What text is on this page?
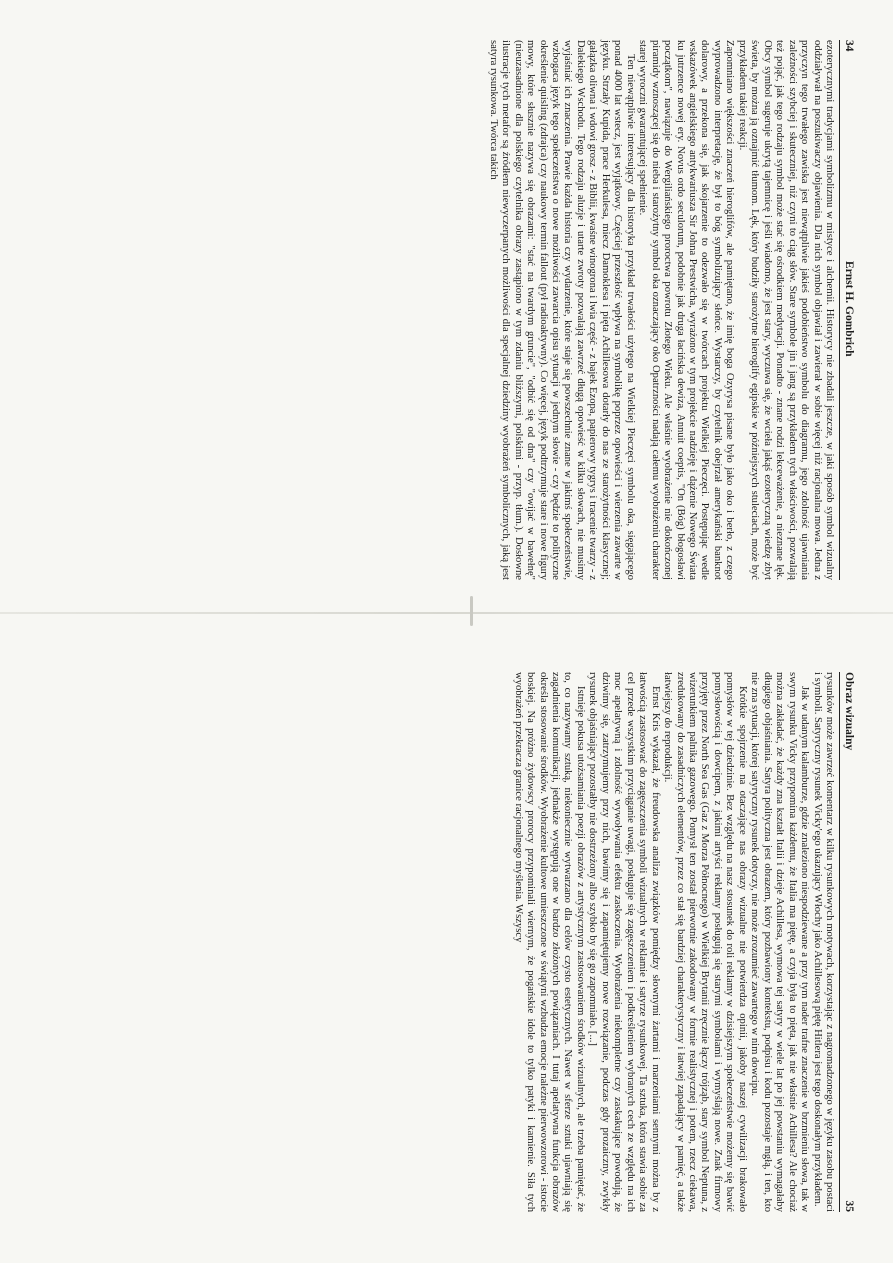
34
Ernst H. Gombrich

ezoterycznymi tradycjami symbolizmu w mistyce i alchemii. Historycy nie zbadali jeszcze, w jaki sposób symbol wizualny oddziaływał na poszukiwaczy objawienia. Dla nich symbol objawiał i zawierał w sobie więcej niż racjonalna mowa. Jedna z przyczyn tego trwałego zawiska jest niewątpliwie jakieś podobieństwo symbolu do diagramu, jego zdolność ujawniania zależności szybciej i skuteczniej, niż czyni to ciąg słów. Stare symbole jin i jang są przykładem tych właściwości, pozwalają też pojąć, jak tego rodzaju symbol może stać się ośrodkiem medytacji. Ponadto - znane rodzi lekceważenie, a nieznane lęk. Obcy symbol sugeruje ukrytą tajemnicę i jeśli wiadomo, że jest stary, wyczuwa się, że wcieła jakąś ezoteryczną wiedzę zbyt świeta, by można ją oznajmić tłumom. Lęk, który budziły starożytne hieroglify egipskie w późniejszych stuleciach, może być przykładem takiej reakcji.

Zapomniano większości znaczeń hieroglifów, ale pamiętano, że imię boga Ozyrysa pisane było jako oko i berło, z czego wyprowadzono interpretację, że był to bóg symbolizujący słońce. Wystarczy, by czytelnik obejrzał amerykański banknot dolarowy, a przekona się, jak skojarzenie to odezwało się w twórcach projektu Wielkiej Pieczęci. Postępując wedle wskazówek angielskiego antykwariusza Sir Johna Prestwicha, wyrażono w tym projekcie nadzieję i dążenie Nowego Świata ku jutrzence nowej ery. Novus ordo seculorum, podobnie jak druga łacińska dewiza, Annuit coeptis, "On (Bóg) błogosławi początkom", nawiązuje do Wergiliańskiego proroctwa powrotu Złotego Wieku. Ale właśnie wyobrażenie nie dokończonej piramidy wznoszącej się do nieba i starożytny symbol oka oznaczający oko Opatrzności nadają całemu wyobrażeniu charakter starej wyroczni gwarantującej spełnienie.

Ten niewątpliwie interesujący dla historyka przykład trwałości użytego na Wielkiej Pieczęci symbolu oka, sięgającego ponad 4000 lat wstecz, jest wyjątkowy. Częściej przeszłość wpływa na symbolikę poprzez opowieści i wierzenia zawarte w języku. Strzały Kupida, prace Herkulesa, miecz Damoklesa i pięta Achillesowa dotarły do nas ze starożytności klasycznej; gałązka oliwna i wdowi grosz - z Biblii, kwaśne winogrona i lwia część - z bajek Ezopa, papierowy tygrys i tracenie twarzy - z Dalekiego Wschodu. Tego rodzaju aluzje i utarte zwroty pozwalają zawrzeć długą opowieść w kilku słowach, nie musimy wyjaśniać ich znaczenia. Prawie każda historia czy wydarzenie, które staje się powszechnie znane w jakimś społeczeństwie, wzbogaca język tego społeczeństwa o nowe możliwości zawarcia opisu sytuacji w jednym słowie - czy będzie to polityczne określenie quisling (zdrajca) czy naukowy termin fallout (pył radioaktywny). Co więcej, język podtrzymuje stare i nowe figury mowy, które słusznie nazywa się obrazami: "stać na twardym gruncie", "odbić się od dna" czy "owijać w bawełnę" (nieuzasadnione dla polskiego czytelnika obrazy zastąpiono w tym zdaniu bliższymi, polskimi - przyp. tłum.). Dosłowne ilustracje tych metafor są źródłem niewyczerpanych możliwości dla specjalnej dziedziny wyobrażeń symbolicznych, jaką jest satyra rysunkowa. Twórca takich

Obraz wizualny
35

rysunków może zawrzeć komentarz w kilku rysunkowych motywach, korzystając z nagromadzonego w języku zasobu postaci i symboli. Satyryczny rysunek Vicky'ego ukazujący Włochy jako Achillesową piętę Hitlera jest tego doskonałym przykładem.

Jak w udanym kalamburze, gdzie znaleziono niespodziewane a przy tym nader trafne znaczenie w brzmieniu słowa, tak w swym rysunku Vicky przypomina każdemu, że Italia ma piętę, a czyja była to pięta, jak nie właśnie Achillesa? Ale chociaż można zakładać, że każdy zna kształt Italii i dzieje Achillesa, wymowa tej satyry w wiele lat po jej powstaniu wymagałaby długiego objaśniania. Satyra polityczna jest obrazem, który pozbawiony kontekstu, podpisu i kodu pozostaje mgłą, i ten, kto nie zna sytuacji, której satyryczny rysunek dotyczy, nie może zrozumieć zawartego w nim dowcipu.

Krótkie spojrzenie na otaczające nas obrazy wizualne nie potwierdza opinii, jakoby naszej cywilizacji brakowało pomysłów w tej dziedzinie. Bez względu na nasz stosunek do roli reklamy w dzisiejszym społeczeństwie możemy się bawić pomysłowością i dowcipem, z jakimi artyści reklamy posługują się starymi symbolami i wymyślają nowe. Znak firmowy przyjęty przez North Sea Gas (Gaz z Morza Północnego) w Wielkiej Brytanii zręcznie łączy trójząb, stary symbol Neptuna, z wizerunkiem palnika gazowego. Pomysł ten został pierwotnie zakodowany w formie realistycznej i potem, rzecz ciekawa, zredukowany do zasadniczych elementów, przez co stał się bardziej charakterystyczny i łatwiej zapadający w pamięć, a także łatwiejszy do reprodukcji.

Ernst Kris wykazał, że freudowska analiza związków pomiędzy słownymi żartami i marzeniami sennymi można by z łatwością zastosować do zagęszczenia symboli wizualnych w reklamie i satyrze rysunkowej. Ta sztuka, która stawia sobie za cel przede wszystkim przyciąganie uwagi, posługuje się zagęszczeniem i podkreśleniem wybranych cech ze względu na ich moc apelatywną i zdolność wywoływania efektu zaskoczenia. Wyobrażenia niekompletne czy zaskakujące powodują, że dziwimy się, zatrzymujemy przy nich, bawimy się i zapamiętujemy nowe rozwiązanie, podczas gdy prozaiczny, zwykły rysunek objaśniający pozostałby nie dostrzeżony albo szybko by się go zapomniało. [...]

Istnieje pokusa utożsamiania poezji obrazów z artystycznym zastosowaniem środków wizualnych, ale trzeba pamiętać, że to, co nazywamy sztuką, niekoniecznie wytwarzano dla celów czysto estetycznych. Nawet w sferze sztuki ujawniają się zagadnienia komunikacji, jednakże występują one w bardzo złożonych powiązaniach. I tutaj apelatywna funkcja obrazów określa stosowanie środków. Wyobrażenie kultowe umieszczone w świątyni wzbudza emocje należne pierwowzorowi - istocie boskiej. Na próżno żydowscy prorocy przypominali wiernym, że pogańskie idole to tylko patyki i kamienie. Siła tych wyobrażeń przekracza granice racjonalnego myślenia. Wszyscy
